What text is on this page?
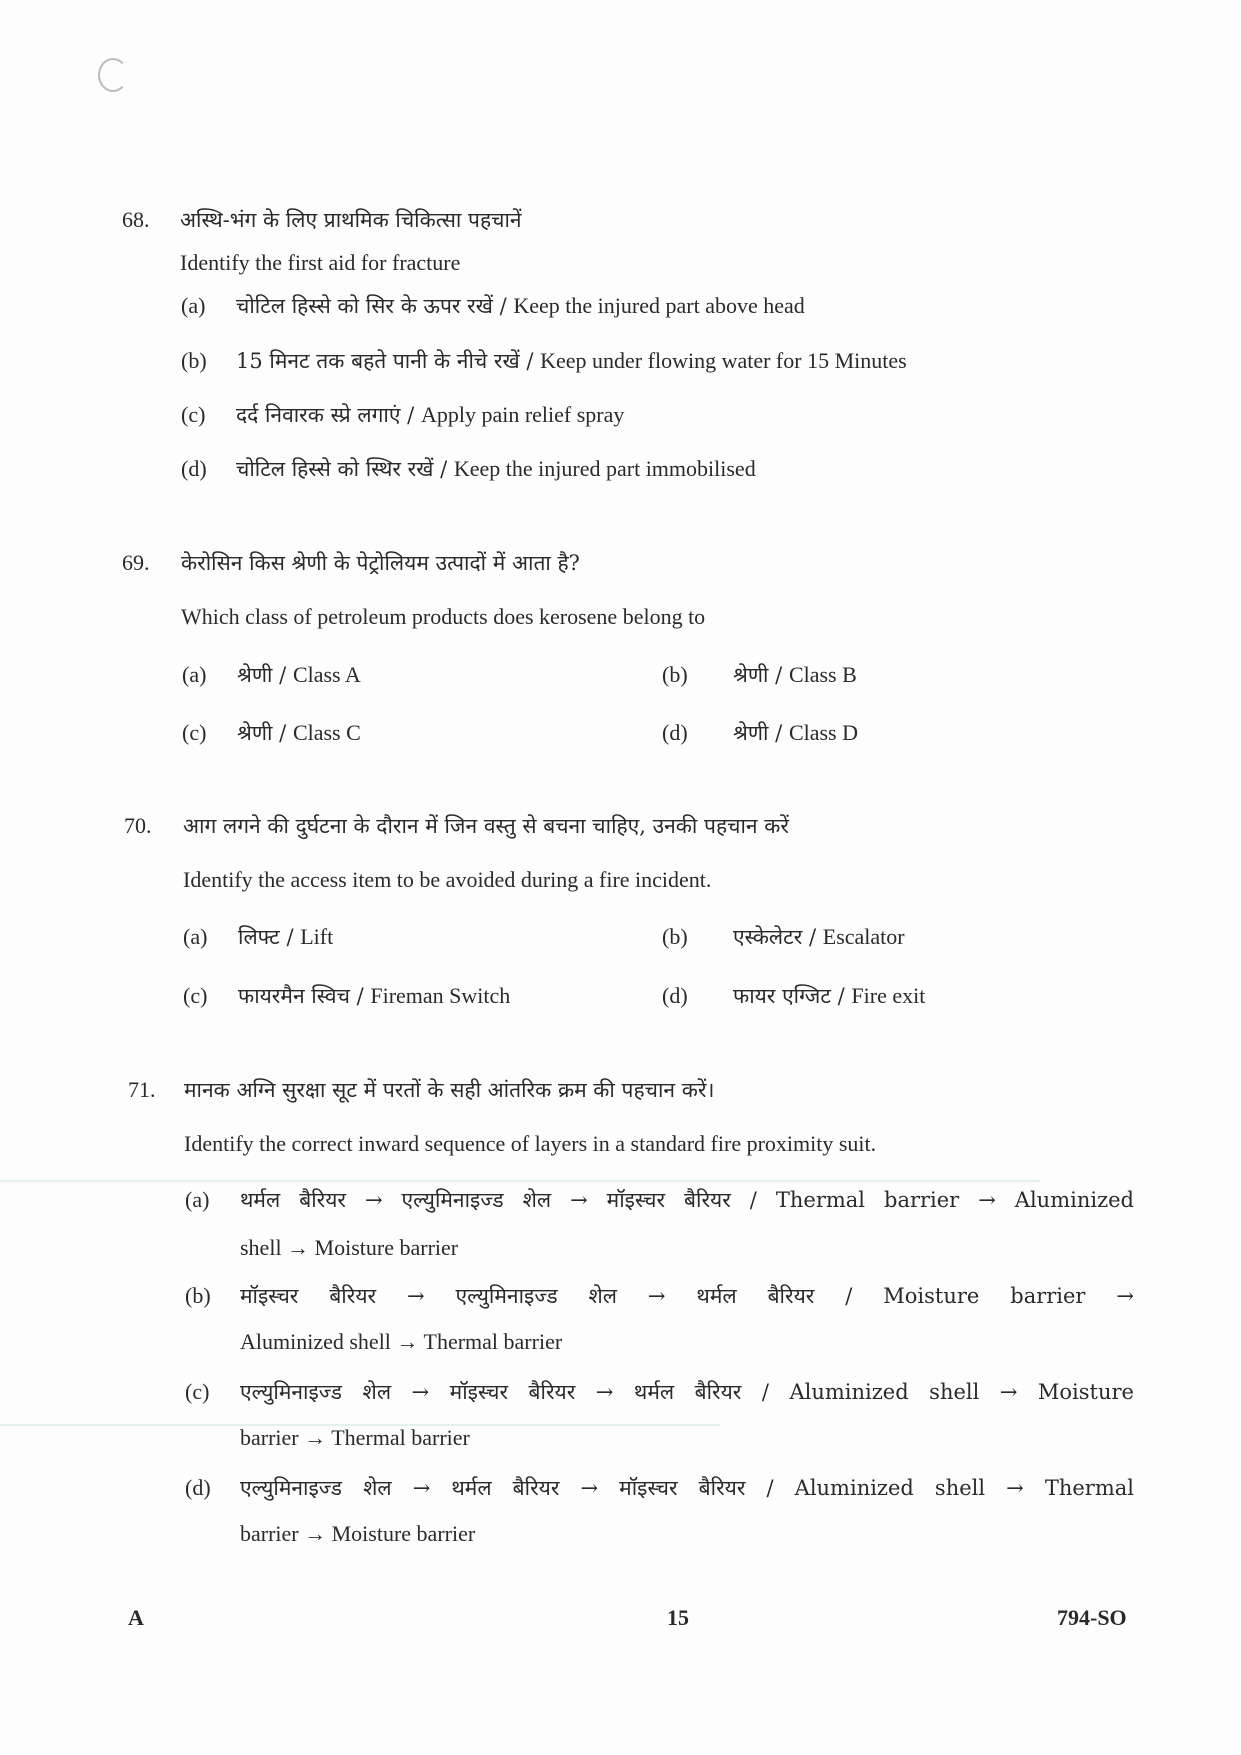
68. अस्थि-भंग के लिए प्राथमिक चिकित्सा पहचानें
Identify the first aid for fracture
(a) चोटिल हिस्से को सिर के ऊपर रखें / Keep the injured part above head
(b) 15 मिनट तक बहते पानी के नीचे रखें / Keep under flowing water for 15 Minutes
(c) दर्द निवारक स्प्रे लगाएं / Apply pain relief spray
(d) चोटिल हिस्से को स्थिर रखें / Keep the injured part immobilised
69. केरोसिन किस श्रेणी के पेट्रोलियम उत्पादों में आता है?
Which class of petroleum products does kerosene belong to
(a) श्रेणी / Class A	(b) श्रेणी / Class B
(c) श्रेणी / Class C	(d) श्रेणी / Class D
70. आग लगने की दुर्घटना के दौरान में जिन वस्तु से बचना चाहिए, उनकी पहचान करें
Identify the access item to be avoided during a fire incident.
(a) लिफ्ट / Lift	(b) एस्केलेटर / Escalator
(c) फायरमैन स्विच / Fireman Switch	(d) फायर एग्जिट / Fire exit
71. मानक अग्नि सुरक्षा सूट में परतों के सही आंतरिक क्रम की पहचान करें।
Identify the correct inward sequence of layers in a standard fire proximity suit.
(a) थर्मल बैरियर → एल्युमिनाइज्ड शेल → मॉइस्चर बैरियर / Thermal barrier → Aluminized
shell → Moisture barrier
(b) मॉइस्चर बैरियर → एल्युमिनाइज्ड शेल → थर्मल बैरियर / Moisture barrier →
Aluminized shell → Thermal barrier
(c) एल्युमिनाइज्ड शेल → मॉइस्चर बैरियर → थर्मल बैरियर / Aluminized shell → Moisture
barrier → Thermal barrier
(d) एल्युमिनाइज्ड शेल → थर्मल बैरियर → मॉइस्चर बैरियर / Aluminized shell → Thermal
barrier → Moisture barrier
A	15	794-SO
